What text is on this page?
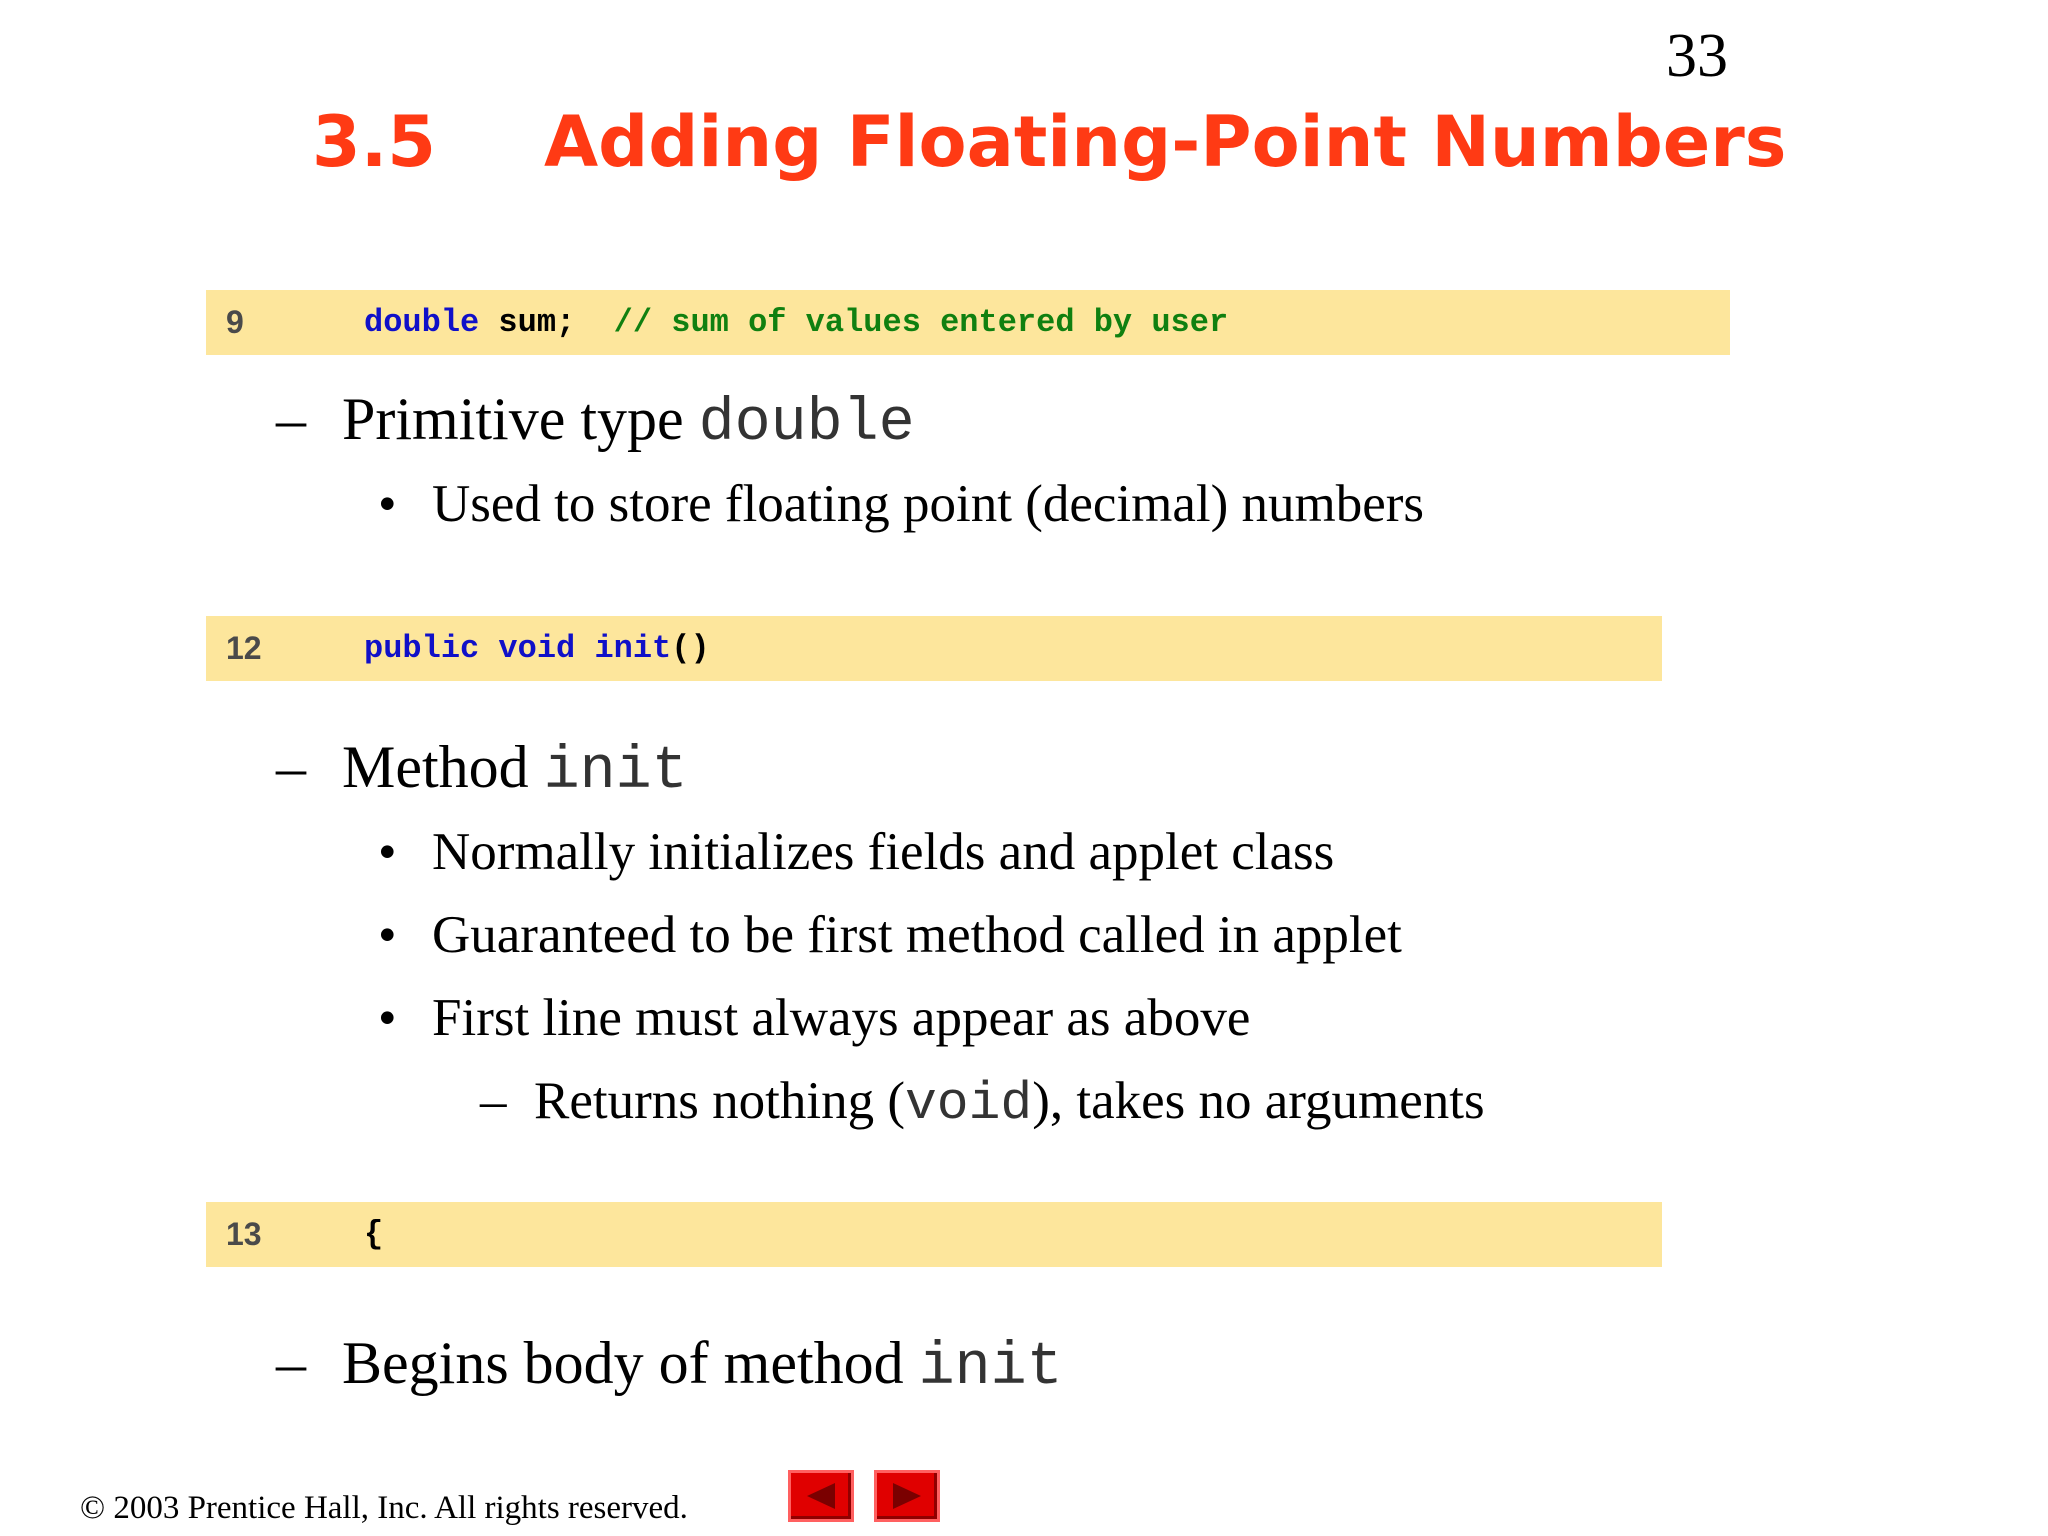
33
3.5 Adding Floating-Point Numbers
9	double sum;  // sum of values entered by user
– Primitive type double
• Used to store floating point (decimal) numbers
12	public void init()
– Method init
• Normally initializes fields and applet class
• Guaranteed to be first method called in applet
• First line must always appear as above
– Returns nothing (void), takes no arguments
13	{
– Begins body of method init
© 2003 Prentice Hall, Inc. All rights reserved.
